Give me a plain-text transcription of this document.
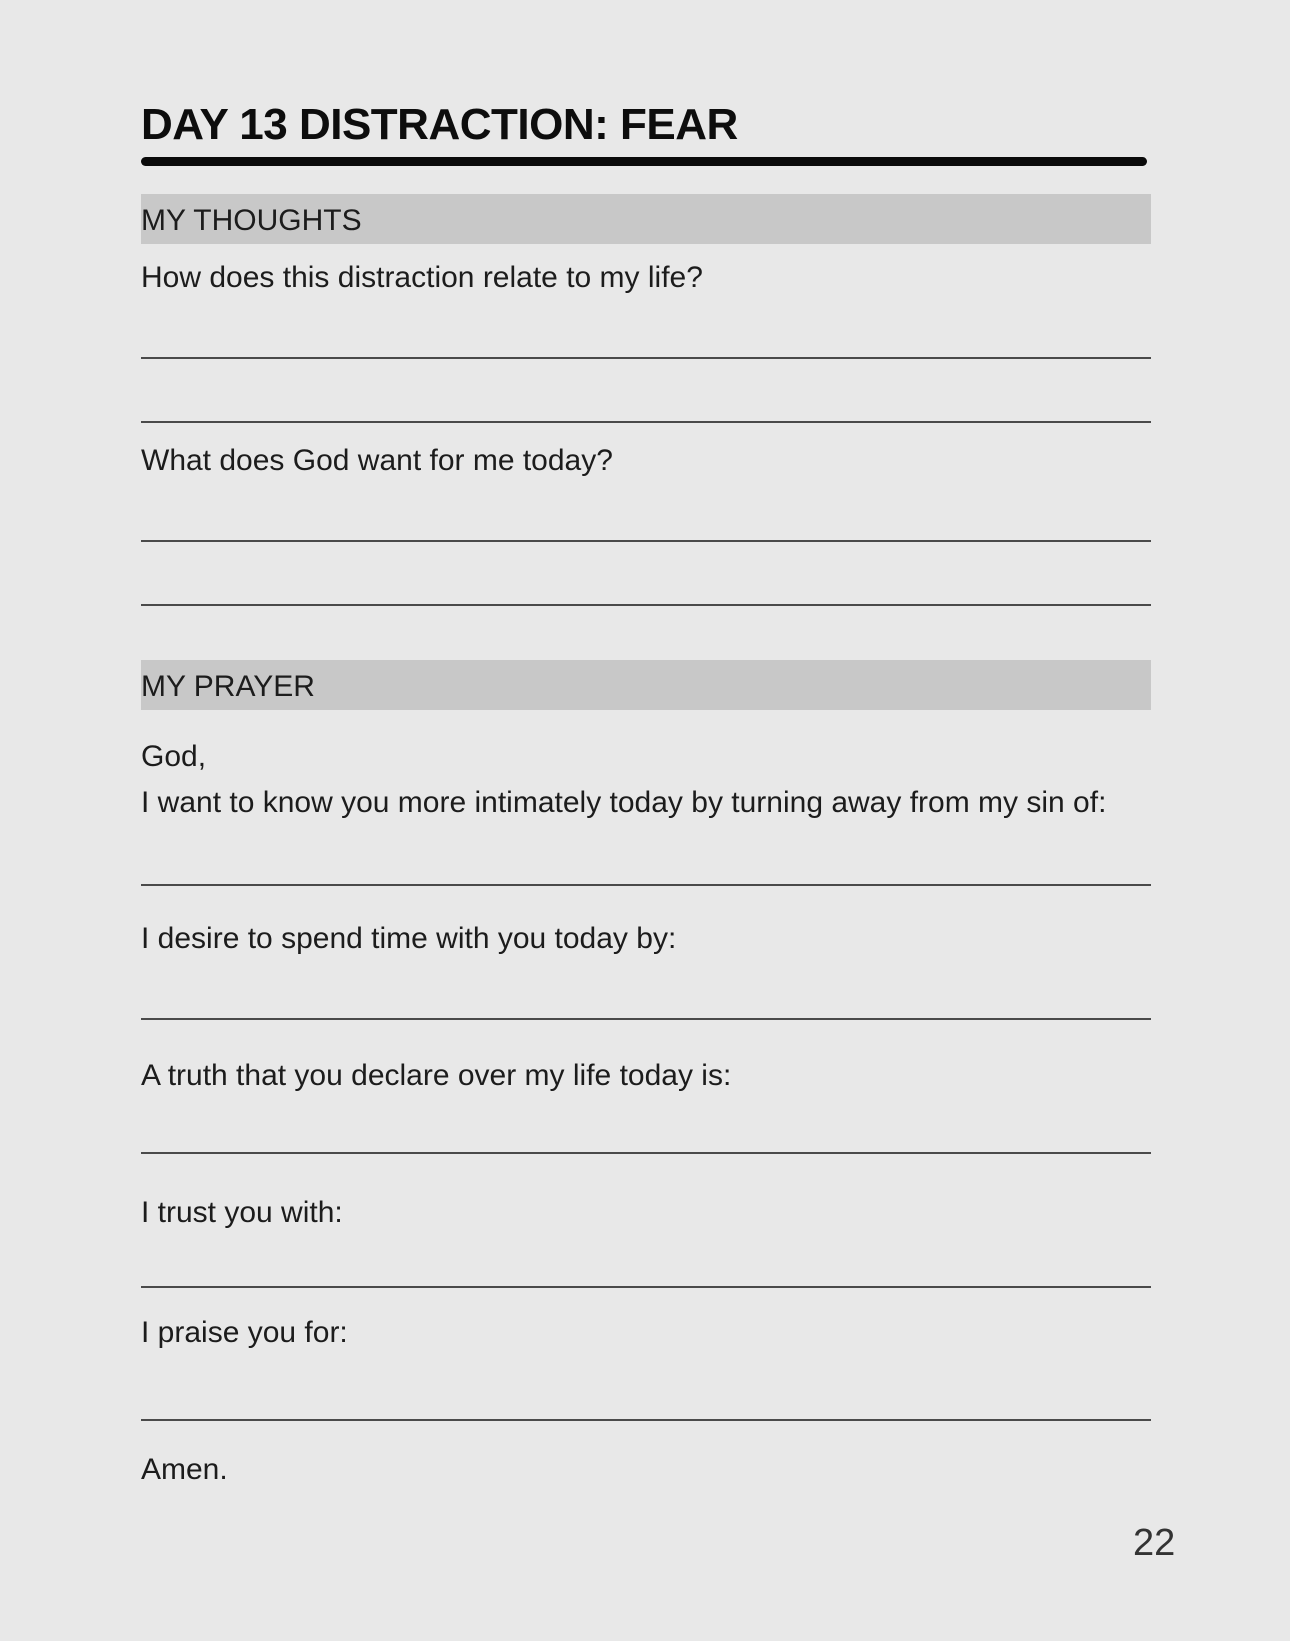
DAY 13 DISTRACTION: FEAR
MY THOUGHTS
How does this distraction relate to my life?
What does God want for me today?
MY PRAYER
God,
I want to know you more intimately today by turning away from my sin of:
I desire to spend time with you today by:
A truth that you declare over my life today is:
I trust you with:
I praise you for:
Amen.
22
